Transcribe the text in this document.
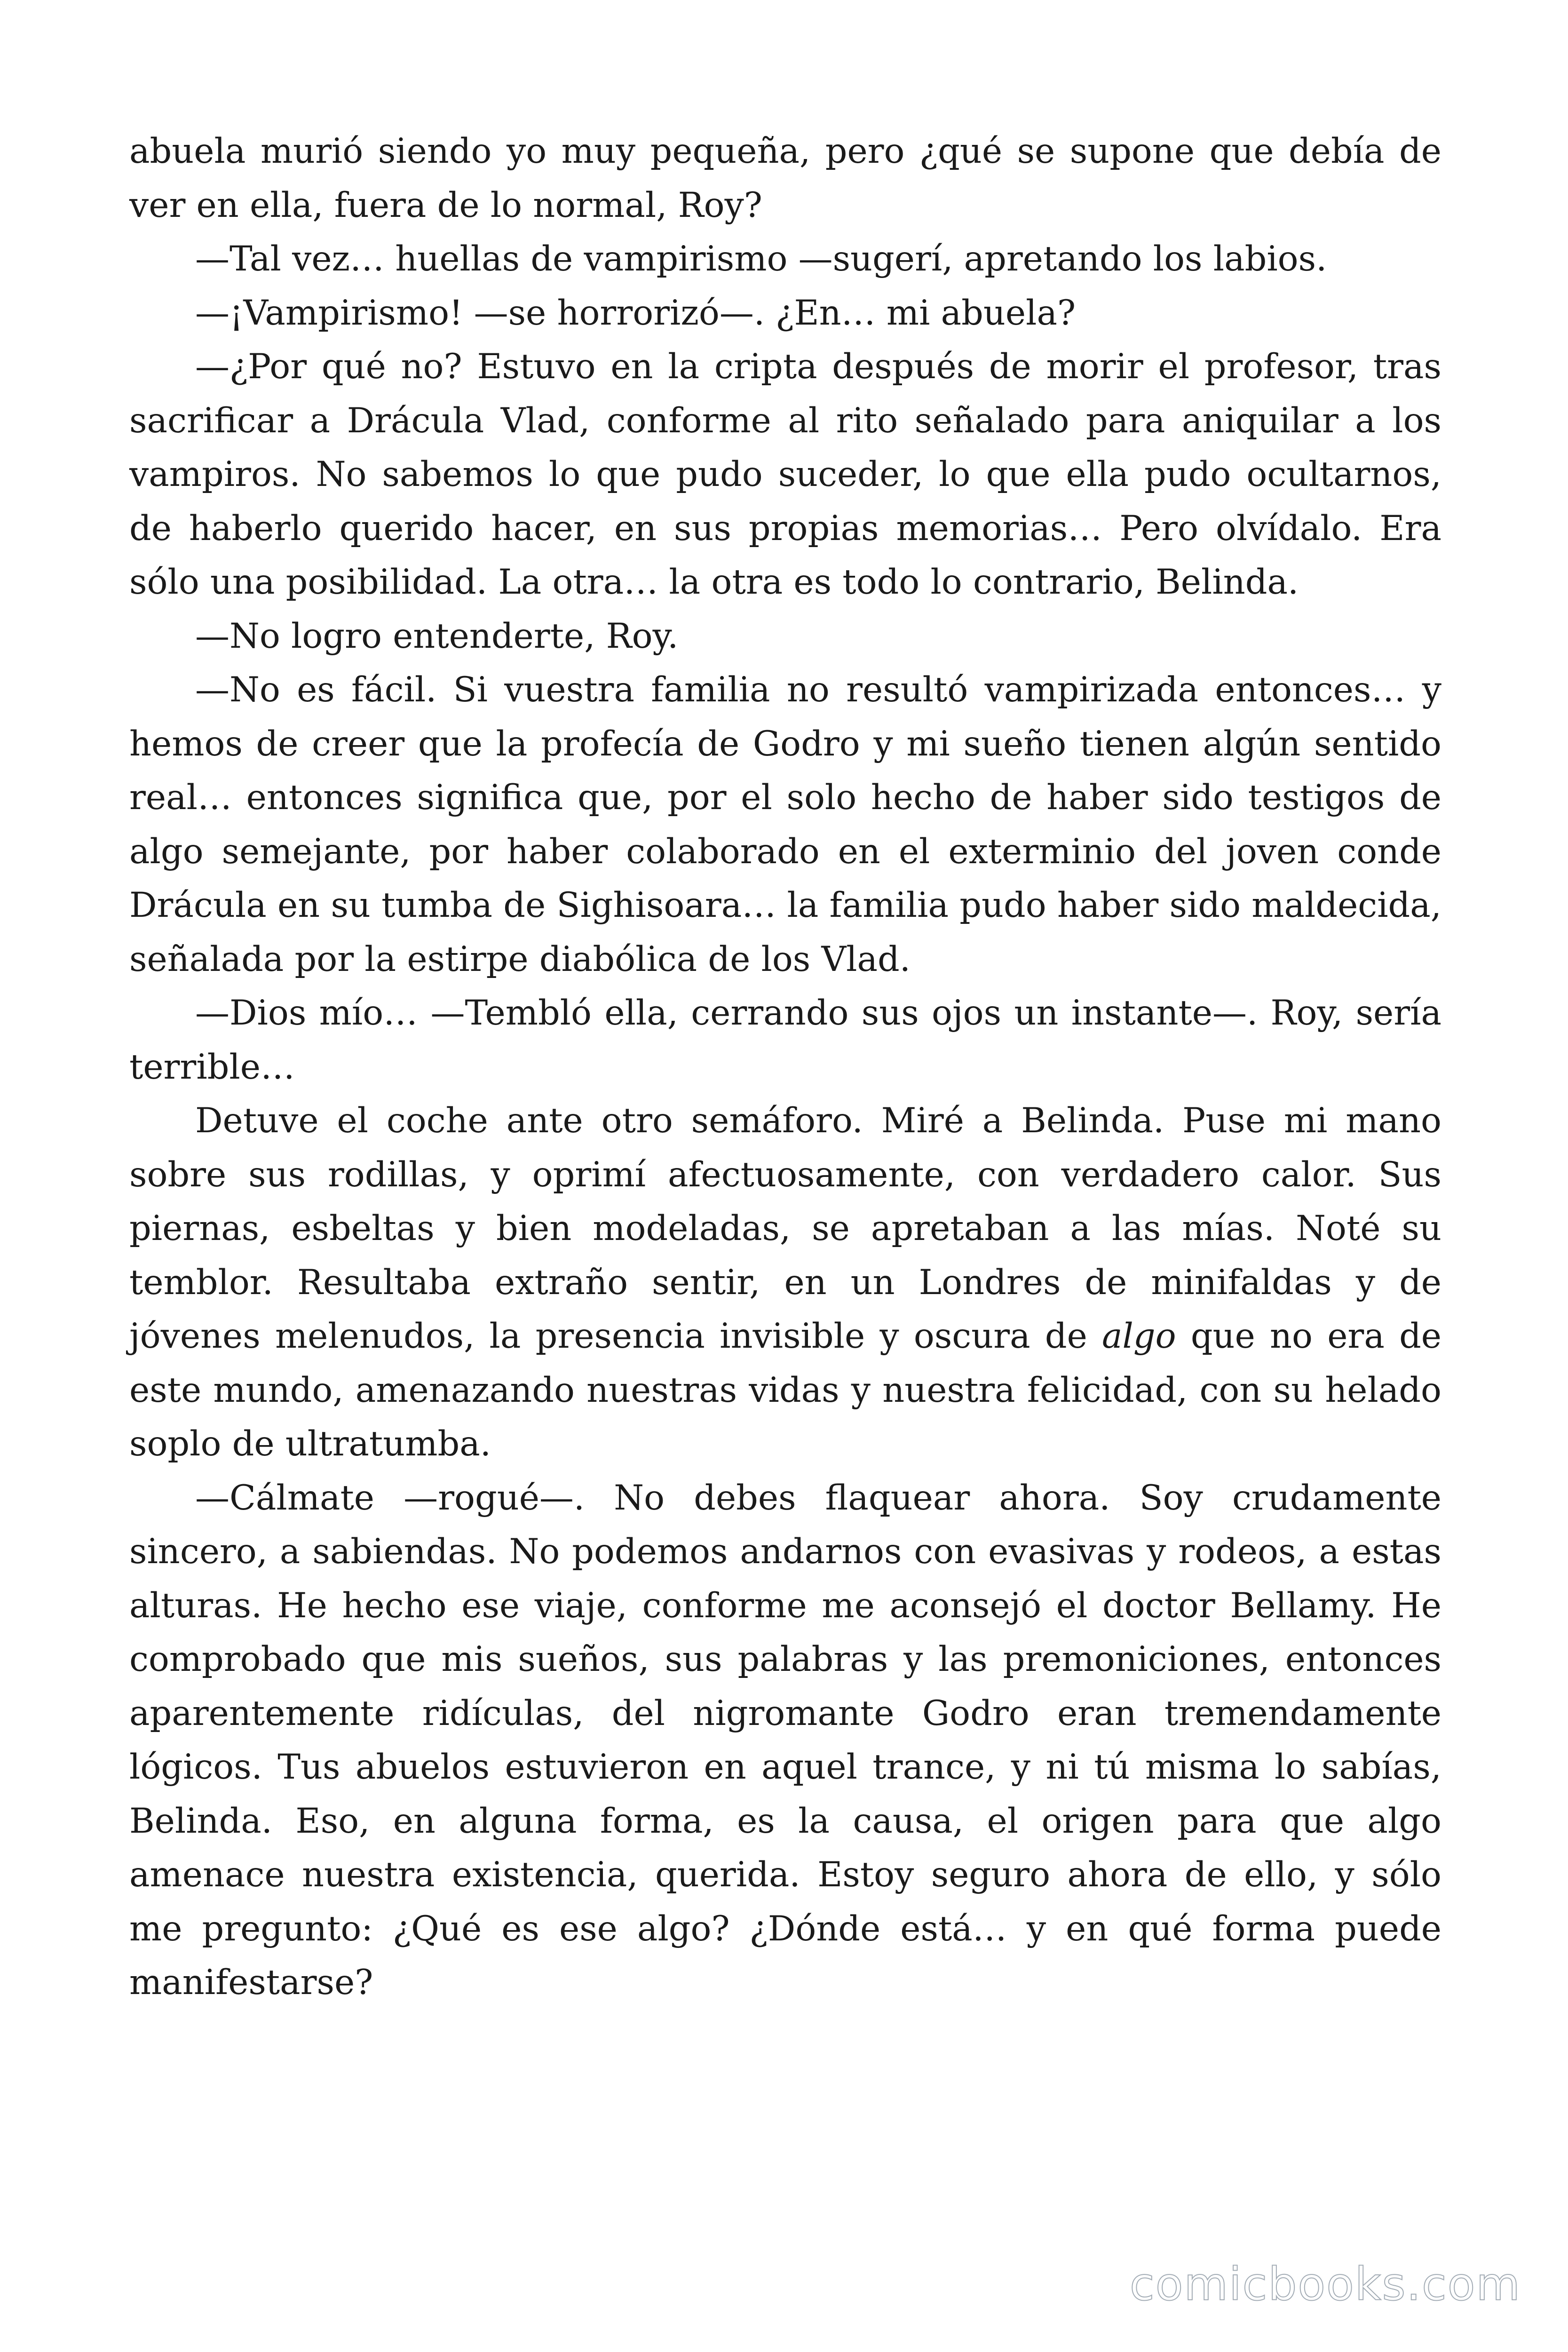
abuela murió siendo yo muy pequeña, pero ¿qué se supone que debía de ver en ella, fuera de lo normal, Roy?

—Tal vez… huellas de vampirismo —sugerí, apretando los labios.

—¡Vampirismo! —se horrorizó—. ¿En… mi abuela?

—¿Por qué no? Estuvo en la cripta después de morir el profesor, tras sacrificar a Drácula Vlad, conforme al rito señalado para aniquilar a los vampiros. No sabemos lo que pudo suceder, lo que ella pudo ocultarnos, de haberlo querido hacer, en sus propias memorias… Pero olvídalo. Era sólo una posibilidad. La otra… la otra es todo lo contrario, Belinda.

—No logro entenderte, Roy.

—No es fácil. Si vuestra familia no resultó vampirizada entonces… y hemos de creer que la profecía de Godro y mi sueño tienen algún sentido real… entonces significa que, por el solo hecho de haber sido testigos de algo semejante, por haber colaborado en el exterminio del joven conde Drácula en su tumba de Sighisoara… la familia pudo haber sido maldecida, señalada por la estirpe diabólica de los Vlad.

—Dios mío… —Tembló ella, cerrando sus ojos un instante—. Roy, sería terrible…

Detuve el coche ante otro semáforo. Miré a Belinda. Puse mi mano sobre sus rodillas, y oprimí afectuosamente, con verdadero calor. Sus piernas, esbeltas y bien modeladas, se apretaban a las mías. Noté su temblor. Resultaba extraño sentir, en un Londres de minifaldas y de jóvenes melenudos, la presencia invisible y oscura de algo que no era de este mundo, amenazando nuestras vidas y nuestra felicidad, con su helado soplo de ultratumba.

—Cálmate —rogué—. No debes flaquear ahora. Soy crudamente sincero, a sabiendas. No podemos andarnos con evasivas y rodeos, a estas alturas. He hecho ese viaje, conforme me aconsejó el doctor Bellamy. He comprobado que mis sueños, sus palabras y las premoniciones, entonces aparentemente ridículas, del nigromante Godro eran tremendamente lógicos. Tus abuelos estuvieron en aquel trance, y ni tú misma lo sabías, Belinda. Eso, en alguna forma, es la causa, el origen para que algo amenace nuestra existencia, querida. Estoy seguro ahora de ello, y sólo me pregunto: ¿Qué es ese algo? ¿Dónde está… y en qué forma puede manifestarse?

comicbooks.com
